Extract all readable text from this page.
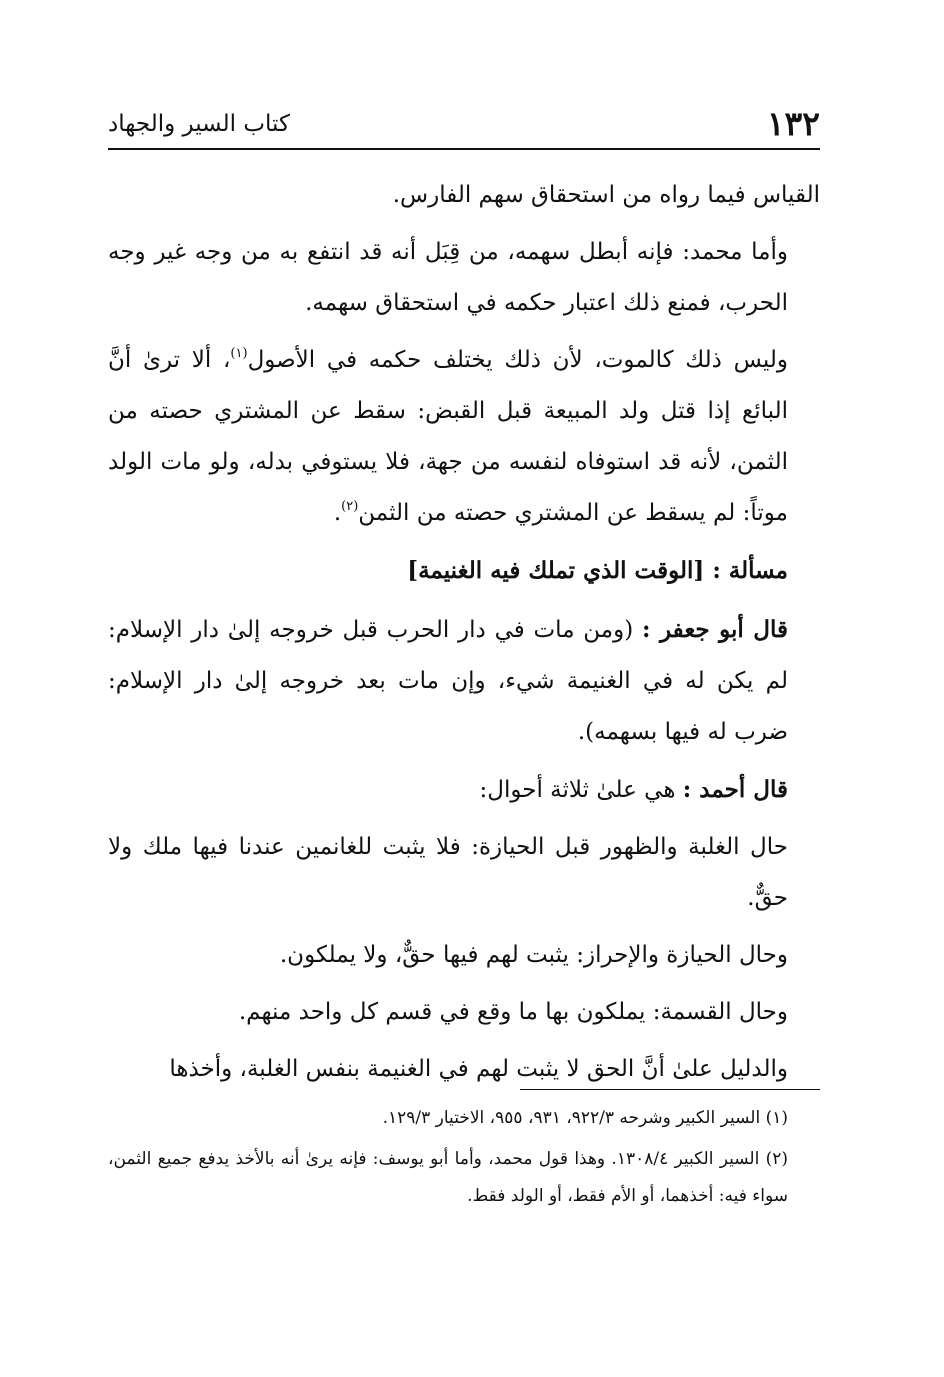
١٣٢
كتاب السير والجهاد

القياس فيما رواه من استحقاق سهم الفارس.

وأما محمد: فإنه أبطل سهمه، من قِبَل أنه قد انتفع به من وجه غير وجه الحرب، فمنع ذلك اعتبار حكمه في استحقاق سهمه.

وليس ذلك كالموت، لأن ذلك يختلف حكمه في الأصول$^{(١)}$، ألا ترىٰ أنَّ البائع إذا قتل ولد المبيعة قبل القبض: سقط عن المشتري حصته من الثمن، لأنه قد استوفاه لنفسه من جهة، فلا يستوفي بدله، ولو مات الولد موتاً: لم يسقط عن المشتري حصته من الثمن$^{(٢)}$.

مسألة : [الوقت الذي تملك فيه الغنيمة]

قال أبو جعفر : (ومن مات في دار الحرب قبل خروجه إلىٰ دار الإسلام: لم يكن له في الغنيمة شيء، وإن مات بعد خروجه إلىٰ دار الإسلام: ضرب له فيها بسهمه).

قال أحمد : هي علىٰ ثلاثة أحوال:

حال الغلبة والظهور قبل الحيازة: فلا يثبت للغانمين عندنا فيها ملك ولا حقٌّ.

وحال الحيازة والإحراز: يثبت لهم فيها حقٌّ، ولا يملكون.

وحال القسمة: يملكون بها ما وقع في قسم كل واحد منهم.

والدليل علىٰ أنَّ الحق لا يثبت لهم في الغنيمة بنفس الغلبة، وأخذها

(١) السير الكبير وشرحه ٩٢٢/٣، ٩٣١، ٩٥٥، الاختيار ١٢٩/٣.

(٢) السير الكبير ١٣٠٨/٤. وهذا قول محمد، وأما أبو يوسف: فإنه يرىٰ أنه بالأخذ يدفع جميع الثمن، سواء فيه: أخذهما، أو الأم فقط، أو الولد فقط.
